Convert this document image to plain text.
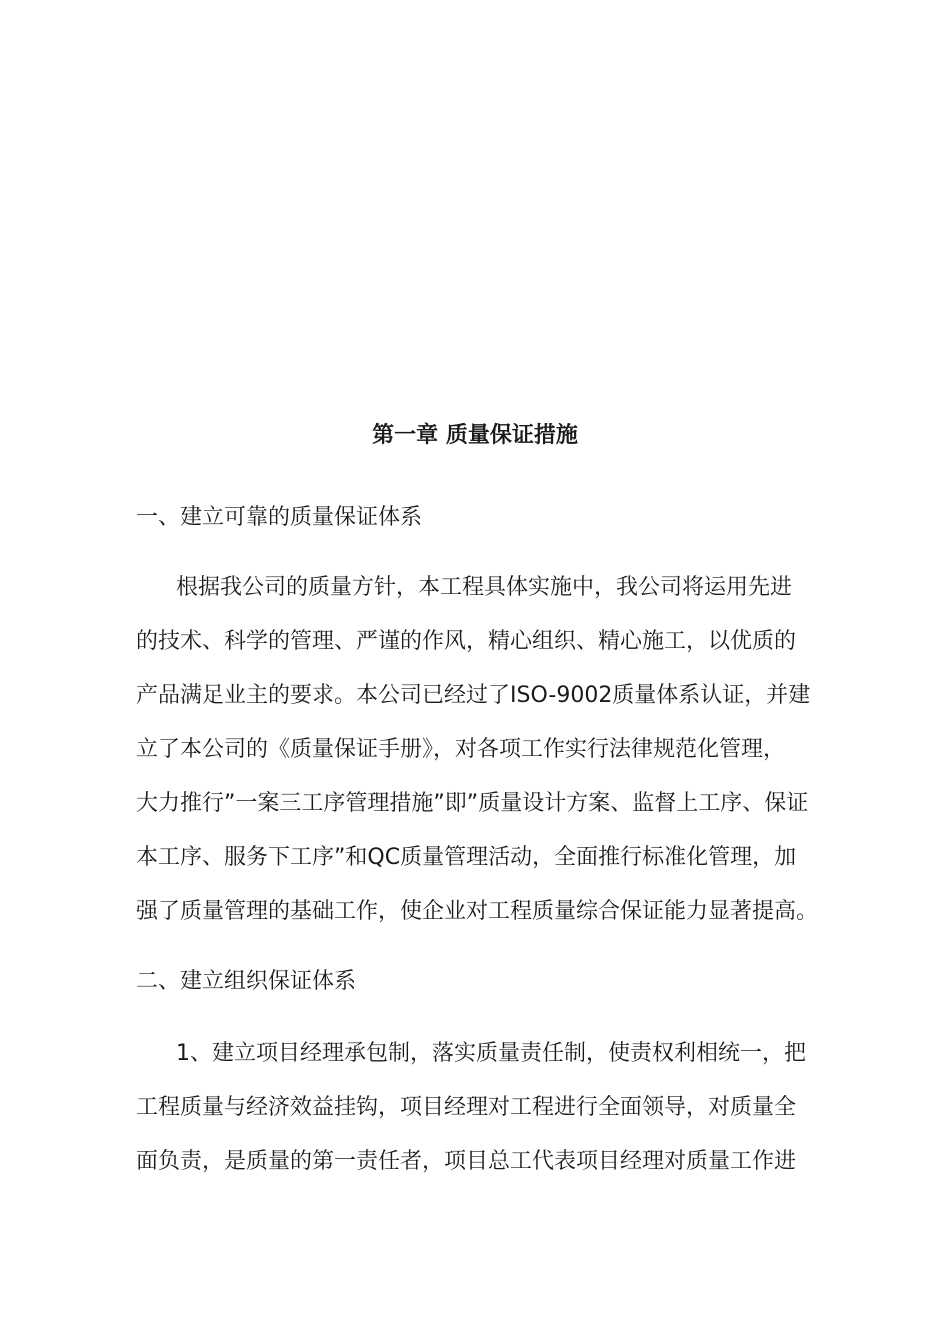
第一章 质量保证措施
一、建立可靠的质量保证体系
根据我公司的质量方针，本工程具体实施中，我公司将运用先进
的技术、科学的管理、严谨的作风，精心组织、精心施工，以优质的
产品满足业主的要求。本公司已经过了ISO-9002质量体系认证，并建
立了本公司的《质量保证手册》，对各项工作实行法律规范化管理，
大力推行”一案三工序管理措施”即”质量设计方案、监督上工序、保证
本工序、服务下工序”和QC质量管理活动，全面推行标准化管理，加
强了质量管理的基础工作，使企业对工程质量综合保证能力显著提高。
二、建立组织保证体系
1、建立项目经理承包制，落实质量责任制，使责权利相统一，把
工程质量与经济效益挂钩，项目经理对工程进行全面领导，对质量全
面负责，是质量的第一责任者，项目总工代表项目经理对质量工作进
